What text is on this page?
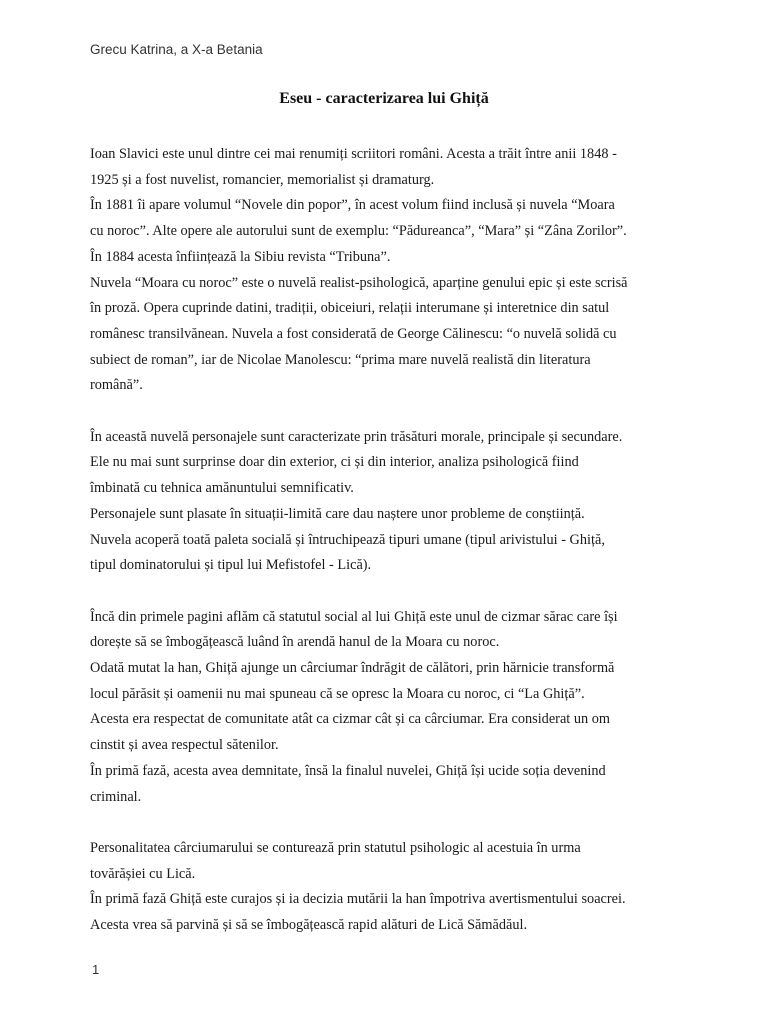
Grecu Katrina, a X-a Betania
Eseu - caracterizarea lui Ghiță
Ioan Slavici este unul dintre cei mai renumiți scriitori români. Acesta a trăit între anii 1848 -
1925 și a fost nuvelist, romancier, memorialist și dramaturg.
În 1881 îi apare volumul “Novele din popor”, în acest volum fiind inclusă și nuvela “Moara
cu noroc”. Alte opere ale autorului sunt de exemplu: “Pădureanca”, “Mara” și “Zâna Zorilor”.
În 1884 acesta înființează la Sibiu revista “Tribuna”.
Nuvela “Moara cu noroc” este o nuvelă realist-psihologică, aparține genului epic și este scrisă
în proză. Opera cuprinde datini, tradiții, obiceiuri, relații interumane și interetnice din satul
românesc transilvănean. Nuvela a fost considerată de George Călinescu: “o nuvelă solidă cu
subiect de roman”, iar de Nicolae Manolescu: “prima mare nuvelă realistă din literatura
română”.
În această nuvelă personajele sunt caracterizate prin trăsături morale, principale și secundare.
Ele nu mai sunt surprinse doar din exterior, ci și din interior, analiza psihologică fiind
îmbinată cu tehnica amănuntului semnificativ.
Personajele sunt plasate în situații-limită care dau naștere unor probleme de conștiință.
Nuvela acoperă toată paleta socială și întruchipează tipuri umane (tipul arivistului - Ghiță,
tipul dominatorului și tipul lui Mefistofel - Lică).
Încă din primele pagini aflăm că statutul social al lui Ghiță este unul de cizmar sărac care își
dorește să se îmbogățească luând în arendă hanul de la Moara cu noroc.
Odată mutat la han, Ghiță ajunge un cârciumar îndrăgit de călători, prin hărnicie transformă
locul părăsit și oamenii nu mai spuneau că se opresc la Moara cu noroc, ci “La Ghiță”.
Acesta era respectat de comunitate atât ca cizmar cât și ca cârciumar. Era considerat un om
cinstit și avea respectul sătenilor.
În primă fază, acesta avea demnitate, însă la finalul nuvelei, Ghiță își ucide soția devenind
criminal.
Personalitatea cârciumarului se conturează prin statutul psihologic al acestuia în urma
tovărășiei cu Lică.
În primă fază Ghiță este curajos și ia decizia mutării la han împotriva avertismentului soacrei.
Acesta vrea să parvină și să se îmbogățească rapid alături de Lică Sămădăul.
1
